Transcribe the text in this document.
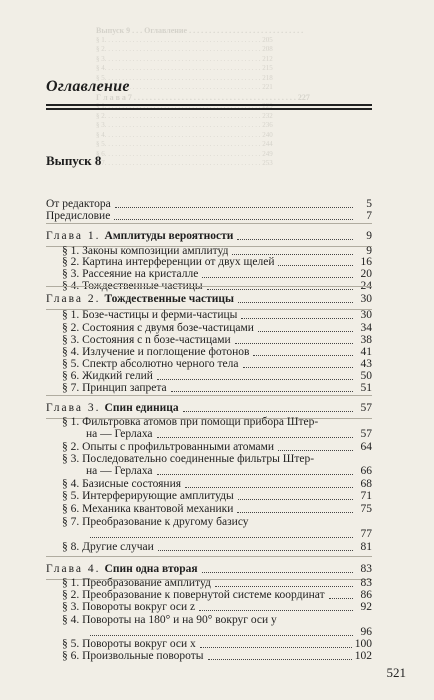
Выпуск 9 . . . Оглавление . . . . . . . . . . . . . . . . . . . . . . . . . . . . .
§ 1. . . . . . . . . . . . . . . . . . . . . . . . . . . . . . . . . . . . . . . . . . . . . 205
§ 2. . . . . . . . . . . . . . . . . . . . . . . . . . . . . . . . . . . . . . . . . . . . . 208
§ 3. . . . . . . . . . . . . . . . . . . . . . . . . . . . . . . . . . . . . . . . . . . . . 212
§ 4. . . . . . . . . . . . . . . . . . . . . . . . . . . . . . . . . . . . . . . . . . . . . 215
§ 5. . . . . . . . . . . . . . . . . . . . . . . . . . . . . . . . . . . . . . . . . . . . . 218
§ 6. . . . . . . . . . . . . . . . . . . . . . . . . . . . . . . . . . . . . . . . . . . . . 221
Г л а в а 7 . . . . . . . . . . . . . . . . . . . . . . . . . . . . . . . . . . . . . . . . . 227
§ 1. . . . . . . . . . . . . . . . . . . . . . . . . . . . . . . . . . . . . . . . . . . . . 229
§ 2. . . . . . . . . . . . . . . . . . . . . . . . . . . . . . . . . . . . . . . . . . . . . 232
§ 3. . . . . . . . . . . . . . . . . . . . . . . . . . . . . . . . . . . . . . . . . . . . . 236
§ 4. . . . . . . . . . . . . . . . . . . . . . . . . . . . . . . . . . . . . . . . . . . . . 240
§ 5. . . . . . . . . . . . . . . . . . . . . . . . . . . . . . . . . . . . . . . . . . . . . 244
§ 6. . . . . . . . . . . . . . . . . . . . . . . . . . . . . . . . . . . . . . . . . . . . . 249
§ 7. . . . . . . . . . . . . . . . . . . . . . . . . . . . . . . . . . . . . . . . . . . . . 253
Оглавление
Выпуск 8
От редактора	5
Предисловие	7
Глава 1. Амплитуды вероятности	9
§ 1. Законы композиции амплитуд	9
§ 2. Картина интерференции от двух щелей	16
§ 3. Рассеяние на кристалле	20
§ 4. Тождественные частицы	24
Глава 2. Тождественные частицы	30
§ 1. Бозе-частицы и ферми-частицы	30
§ 2. Состояния с двумя бозе-частицами	34
§ 3. Состояния с n бозе-частицами	38
§ 4. Излучение и поглощение фотонов	41
§ 5. Спектр абсолютно черного тела	43
§ 6. Жидкий гелий	50
§ 7. Принцип запрета	51
Глава 3. Спин единица	57
§ 1. Фильтровка атомов при помощи прибора Штер-
на — Герлаха	57
§ 2. Опыты с профильтрованными атомами	64
§ 3. Последовательно соединенные фильтры Штер-
на — Герлаха	66
§ 4. Базисные состояния	68
§ 5. Интерферирующие амплитуды	71
§ 6. Механика квантовой механики	75
§ 7. Преобразование к другому базису
77
§ 8. Другие случаи	81
Глава 4. Спин одна вторая	83
§ 1. Преобразование амплитуд	83
§ 2. Преобразование к повернутой системе координат	86
§ 3. Повороты вокруг оси z	92
§ 4. Повороты на 180° и на 90° вокруг оси y
96
§ 5. Повороты вокруг оси x	100
§ 6. Произвольные повороты	102
521
